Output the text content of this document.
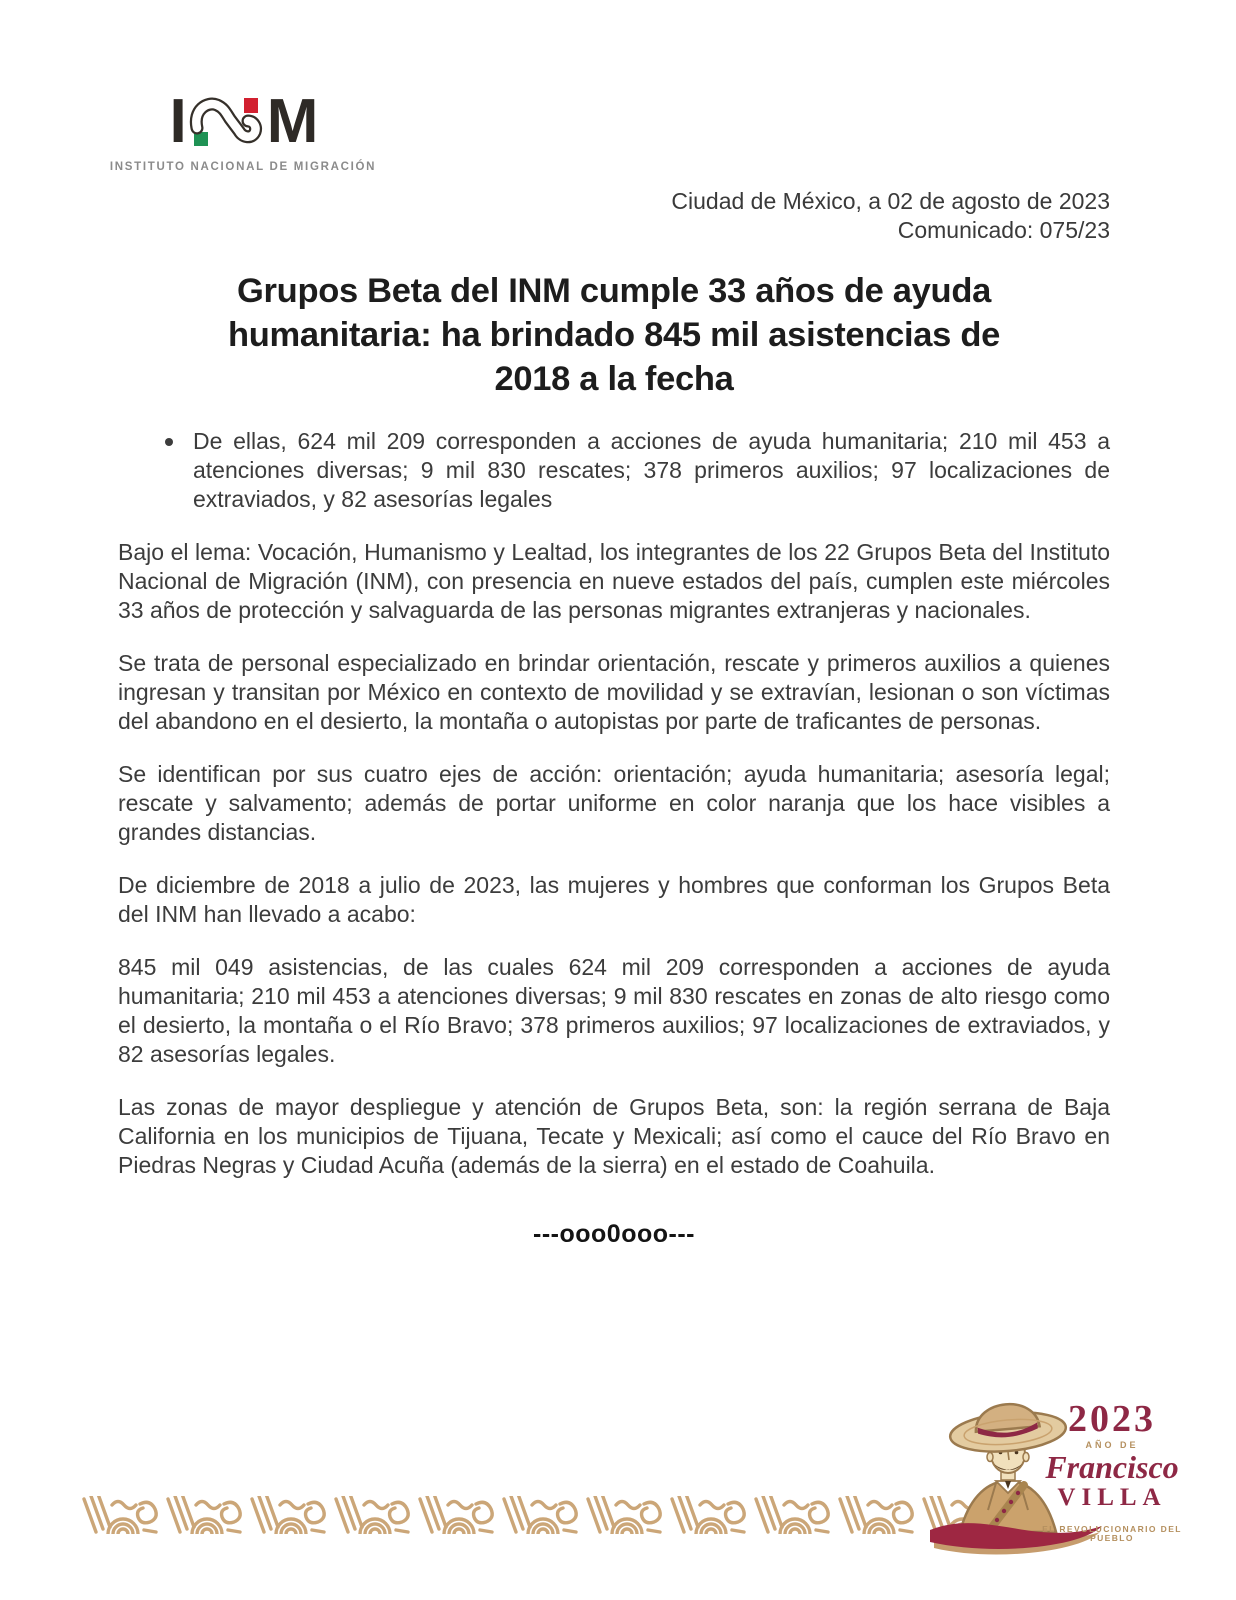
I M
INSTITUTO NACIONAL DE MIGRACIÓN
Ciudad de México, a 02 de agosto de 2023
Comunicado: 075/23
Grupos Beta del INM cumple 33 años de ayuda
humanitaria: ha brindado 845 mil asistencias de
2018 a la fecha
De ellas, 624 mil 209 corresponden a acciones de ayuda humanitaria; 210 mil 453 a atenciones diversas; 9 mil 830 rescates; 378 primeros auxilios; 97 localizaciones de extraviados, y 82 asesorías legales

Bajo el lema: Vocación, Humanismo y Lealtad, los integrantes de los 22 Grupos Beta del Instituto Nacional de Migración (INM), con presencia en nueve estados del país, cumplen este miércoles 33 años de protección y salvaguarda de las personas migrantes extranjeras y nacionales.

Se trata de personal especializado en brindar orientación, rescate y primeros auxilios a quienes ingresan y transitan por México en contexto de movilidad y se extravían, lesionan o son víctimas del abandono en el desierto, la montaña o autopistas por parte de traficantes de personas.

Se identifican por sus cuatro ejes de acción: orientación; ayuda humanitaria; asesoría legal; rescate y salvamento; además de portar uniforme en color naranja que los hace visibles a grandes distancias.

De diciembre de 2018 a julio de 2023, las mujeres y hombres que conforman los Grupos Beta del INM han llevado a acabo:

845 mil 049 asistencias, de las cuales 624 mil 209 corresponden a acciones de ayuda humanitaria; 210 mil 453 a atenciones diversas; 9 mil 830 rescates en zonas de alto riesgo como el desierto, la montaña o el Río Bravo; 378 primeros auxilios; 97 localizaciones de extraviados, y 82 asesorías legales.

Las zonas de mayor despliegue y atención de Grupos Beta, son: la región serrana de Baja California en los municipios de Tijuana, Tecate y Mexicali; así como el cauce del Río Bravo en Piedras Negras y Ciudad Acuña (además de la sierra) en el estado de Coahuila.

---ooo0ooo---
2023
AÑO DE
Francisco
VILLA
EL REVOLUCIONARIO DEL PUEBLO
